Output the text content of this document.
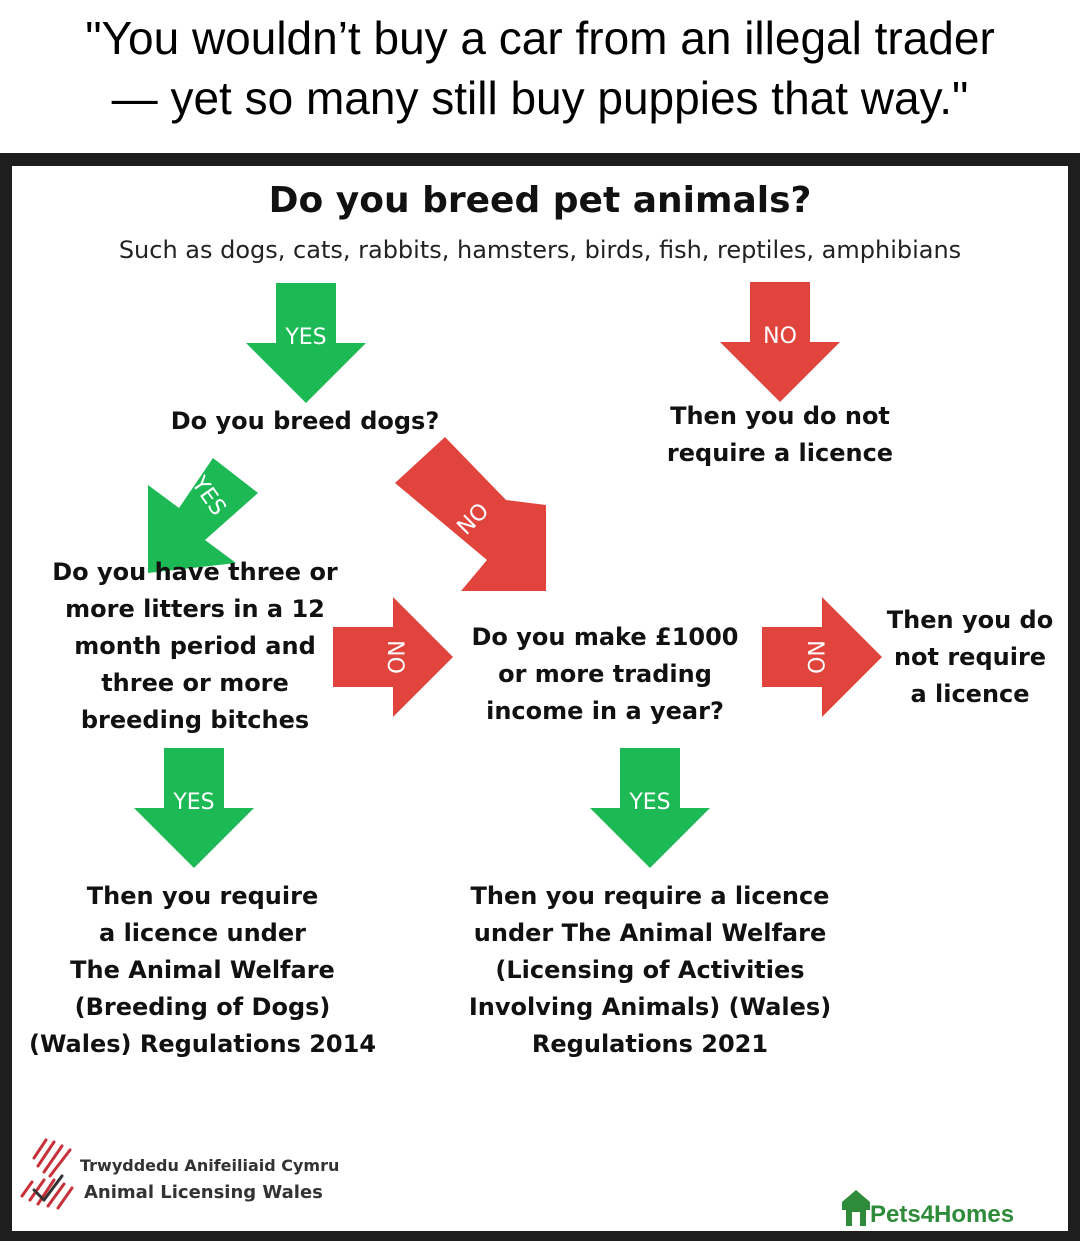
"You wouldn’t buy a car from an illegal trader
— yet so many still buy puppies that way."
Do you breed pet animals?
Such as dogs, cats, rabbits, hamsters, birds, fish, reptiles, amphibians
YES	NO
YES	NO
NO	NO
YES	YES
Then you do not
require a licence
Do you breed dogs?
Do you have three or
more litters in a 12
month period and
three or more
breeding bitches
Do you make £1000
or more trading
income in a year?
Then you do
not require
a licence
Then you require
a licence under
The Animal Welfare
(Breeding of Dogs)
(Wales) Regulations 2014
Then you require a licence
under The Animal Welfare
(Licensing of Activities
Involving Animals) (Wales)
Regulations 2021
Trwyddedu Anifeiliaid Cymru
Animal Licensing Wales
Pets4Homes
